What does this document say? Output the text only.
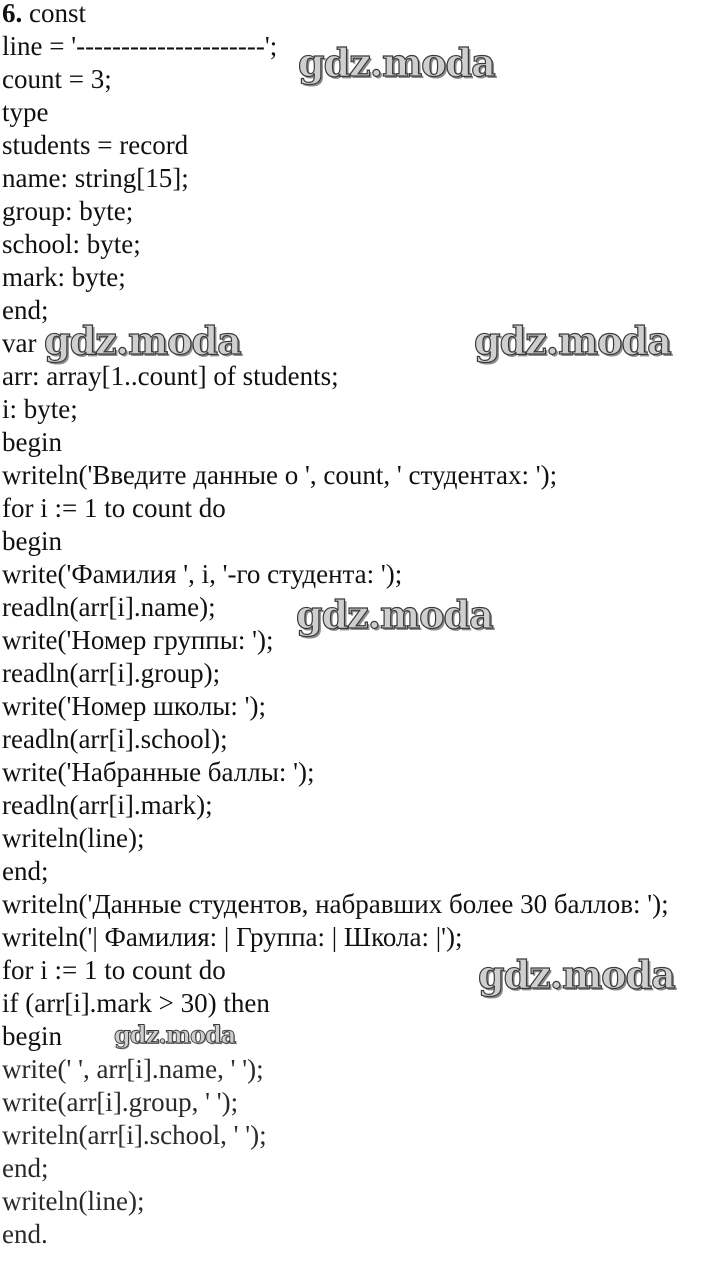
6. const
line = '---------------------';
count = 3;
type
students = record
name: string[15];
group: byte;
school: byte;
mark: byte;
end;
var
arr: array[1..count] of students;
i: byte;
begin
writeln('Введите данные о ', count, ' студентах: ');
for i := 1 to count do
begin
write('Фамилия ', i, '-го студента: ');
readln(arr[i].name);
write('Номер группы: ');
readln(arr[i].group);
write('Номер школы: ');
readln(arr[i].school);
write('Набранные баллы: ');
readln(arr[i].mark);
writeln(line);
end;
writeln('Данные студентов, набравших более 30 баллов: ');
writeln('| Фамилия: | Группа: | Школа: |');
for i := 1 to count do
if (arr[i].mark > 30) then
begin
write(' ', arr[i].name, ' ');
write(arr[i].group, ' ');
writeln(arr[i].school, ' ');
end;
writeln(line);
end.
gdz.moda
gdz.moda	gdz.moda
gdz.moda
gdz.moda
gdz.moda
